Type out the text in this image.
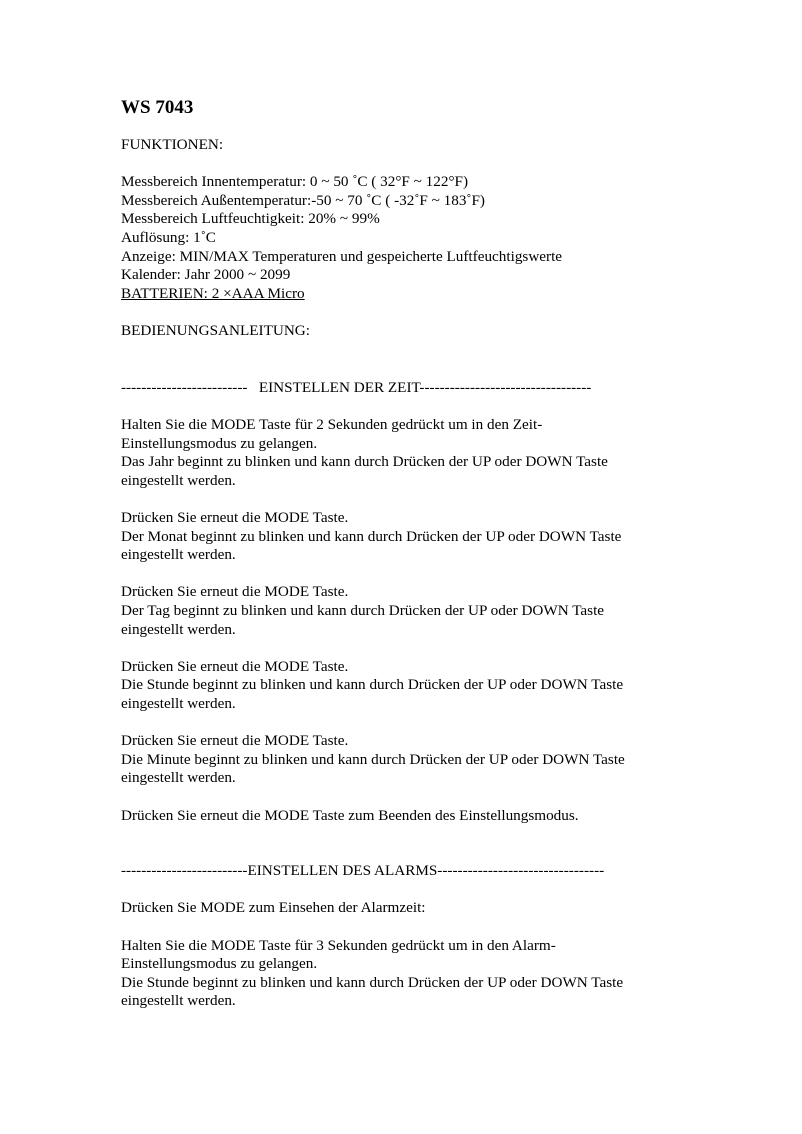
WS 7043
FUNKTIONEN:
Messbereich Innentemperatur: 0 ~ 50 ˚C ( 32°F ~ 122°F)
Messbereich Außentemperatur:-50 ~ 70 ˚C ( -32˚F ~ 183˚F)
Messbereich Luftfeuchtigkeit: 20% ~ 99%
Auflösung: 1˚C
Anzeige: MIN/MAX Temperaturen und gespeicherte Luftfeuchtigswerte
Kalender: Jahr 2000 ~ 2099
BATTERIEN: 2 ×AAA Micro
BEDIENUNGSANLEITUNG:
-------------------------   EINSTELLEN DER ZEIT----------------------------------
Halten Sie die MODE Taste für 2 Sekunden gedrückt um in den Zeit-
Einstellungsmodus zu gelangen.
Das Jahr beginnt zu blinken und kann durch Drücken der UP oder DOWN Taste
eingestellt werden.
Drücken Sie erneut die MODE Taste.
Der Monat beginnt zu blinken und kann durch Drücken der UP oder DOWN Taste
eingestellt werden.
Drücken Sie erneut die MODE Taste.
Der Tag beginnt zu blinken und kann durch Drücken der UP oder DOWN Taste
eingestellt werden.
Drücken Sie erneut die MODE Taste.
Die Stunde beginnt zu blinken und kann durch Drücken der UP oder DOWN Taste
eingestellt werden.
Drücken Sie erneut die MODE Taste.
Die Minute beginnt zu blinken und kann durch Drücken der UP oder DOWN Taste
eingestellt werden.
Drücken Sie erneut die MODE Taste zum Beenden des Einstellungsmodus.
-------------------------EINSTELLEN DES ALARMS---------------------------------
Drücken Sie MODE zum Einsehen der Alarmzeit:
Halten Sie die MODE Taste für 3 Sekunden gedrückt um in den Alarm-
Einstellungsmodus zu gelangen.
Die Stunde beginnt zu blinken und kann durch Drücken der UP oder DOWN Taste
eingestellt werden.
